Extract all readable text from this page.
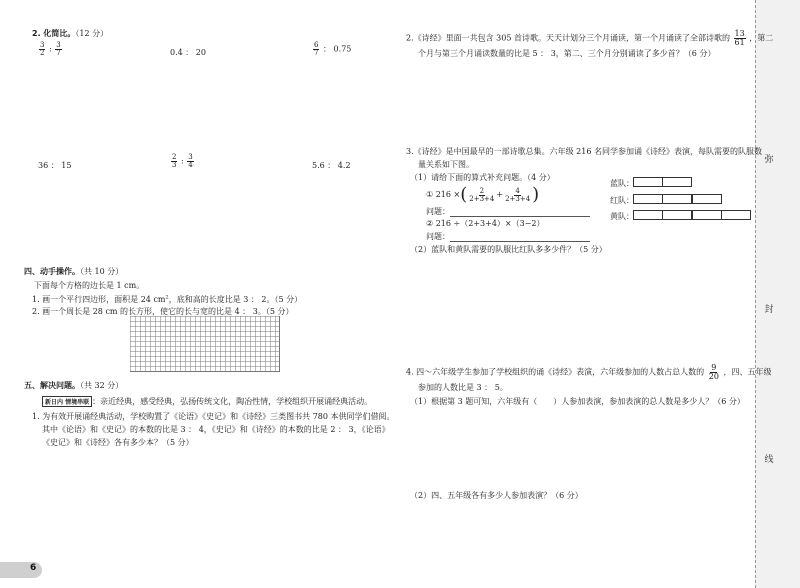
弥
封
线
2. 化简比。（12 分）
$\frac{3}{2}$ : $\frac{3}{7}$	0.4 ： 20	$\frac{6}{7}$ ： 0.75
36 ： 15	$\frac{2}{3}$ : $\frac{3}{4}$	5.6 ： 4.2
四、动手操作。（共 10 分）
下面每个方格的边长是 1 cm。
1. 画一个平行四边形，面积是 24 $cm^2$，底和高的长度比是 3 ： 2。（5 分）
2. 画一个周长是 28 cm 的长方形，使它的长与宽的比是 4 ： 3。（5 分）
五、解决问题。（共 32 分）
新日内 情境串联 ：亲近经典，感受经典，弘扬传统文化，陶冶性情，学校组织开展诵经典活动。
1. 为有效开展诵经典活动，学校购置了《论语》《史记》和《诗经》三类图书共 780 本供同学们借阅。
其中《论语》和《史记》的本数的比是 3 ： 4，《史记》和《诗经》的本数的比是 2 ： 3，《论语》
《史记》和《诗经》各有多少本？（5 分）
6
2.《诗经》里面一共包含 305 首诗歌。天天计划分三个月诵读，第一个月诵读了全部诗歌的 $\frac{13}{61}$ ，第二
个月与第三个月诵读数量的比是 5 ： 3，第二、三个月分别诵读了多少首？（6 分）
3.《诗经》是中国最早的一部诗歌总集。六年级 216 名同学参加诵《诗经》表演，每队需要的队服数
量关系如下图。
（1）请给下面的算式补充问题。（4 分）
① 216 ×( $\frac{2}{2+3+4} + \frac{4}{2+3+4}$ )
问题：
② 216 ÷（2+3+4）×（3−2）
问题：
（2）蓝队和黄队需要的队服比红队多多少件？（5 分）
蓝队：
红队：
黄队：
4. 四～六年级学生参加了学校组织的诵《诗经》表演，六年级参加的人数占总人数的 $\frac{9}{20}$ ，四、五年级
参加的人数比是 3 ： 5。
（1）根据第 3 题可知，六年级有（　　）人参加表演，参加表演的总人数是多少人？（6 分）
（2）四、五年级各有多少人参加表演？（6 分）
